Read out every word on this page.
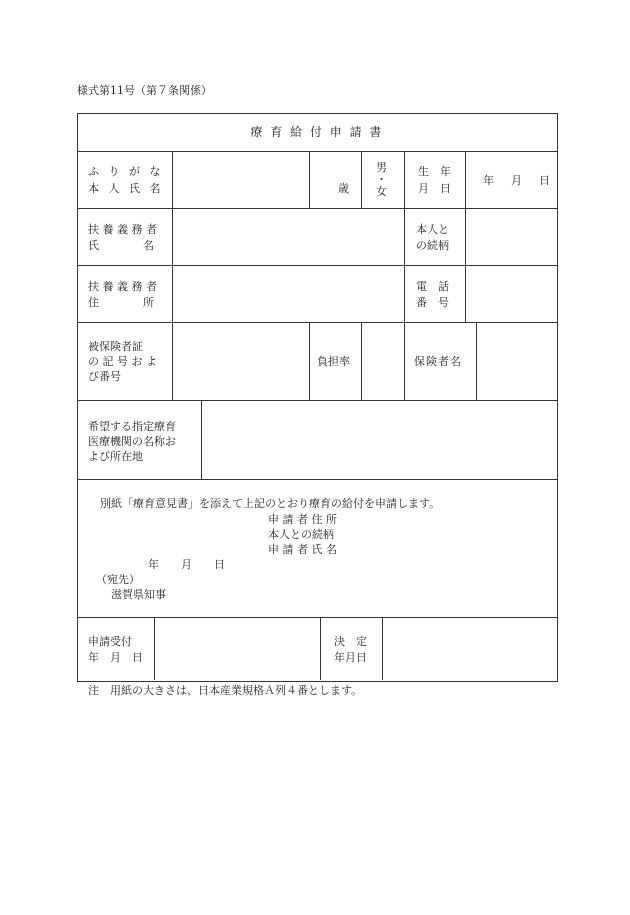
様式第11号（第７条関係）
療 育 給 付 申 請 書
ふ り が な
本 人 氏 名	歳
男
・
女
生　年
月　日
年　月　日
扶 養 義 務 者
氏　　　　名
本人と
の続柄
扶 養 義 務 者
住　　　　所
電　話
番　号
被保険者証
の 記 号 お よ
び番号
負担率	保険者名
希望する指定療育
医療機関の名称お
よび所在地
別紙「療育意見書」を添えて上記のとおり療育の給付を申請します。
申 請 者 住 所
本人との続柄
申 請 者 氏 名
年　　月　　日
（宛先）
滋賀県知事
申請受付
年　月　日
決　定
年月日
注　用紙の大きさは、日本産業規格Ａ列４番とします。
